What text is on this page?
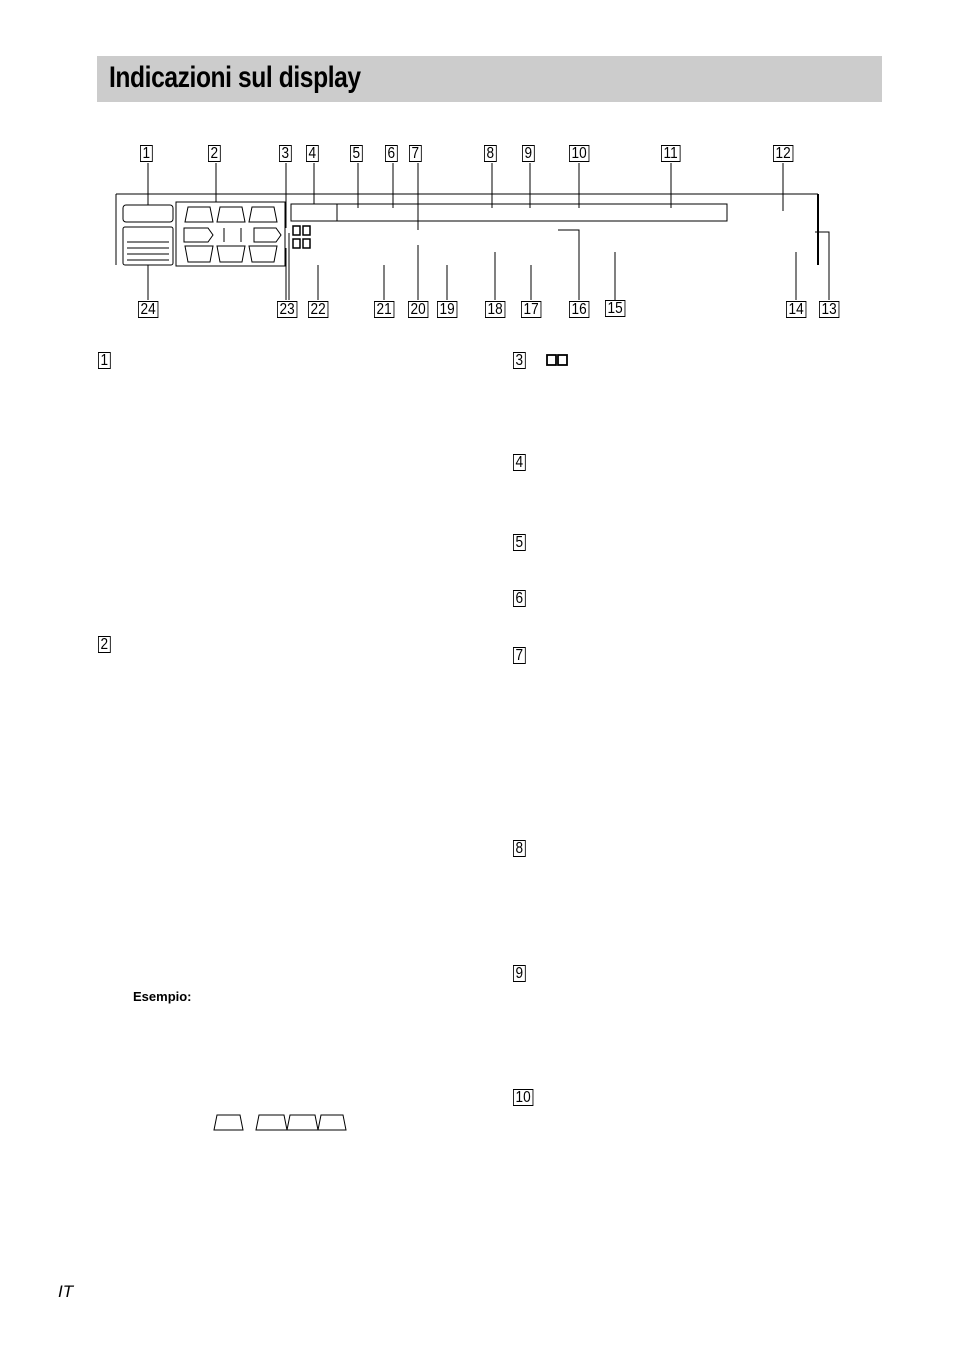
Indicazioni sul display
1	2	3 4 5 6 7	8 9 10	11	12
24	23 22	21 20 19 18 17 16 15	14 13
1
2
3
4
5
6
7
8
9
10
Esempio:
IT
